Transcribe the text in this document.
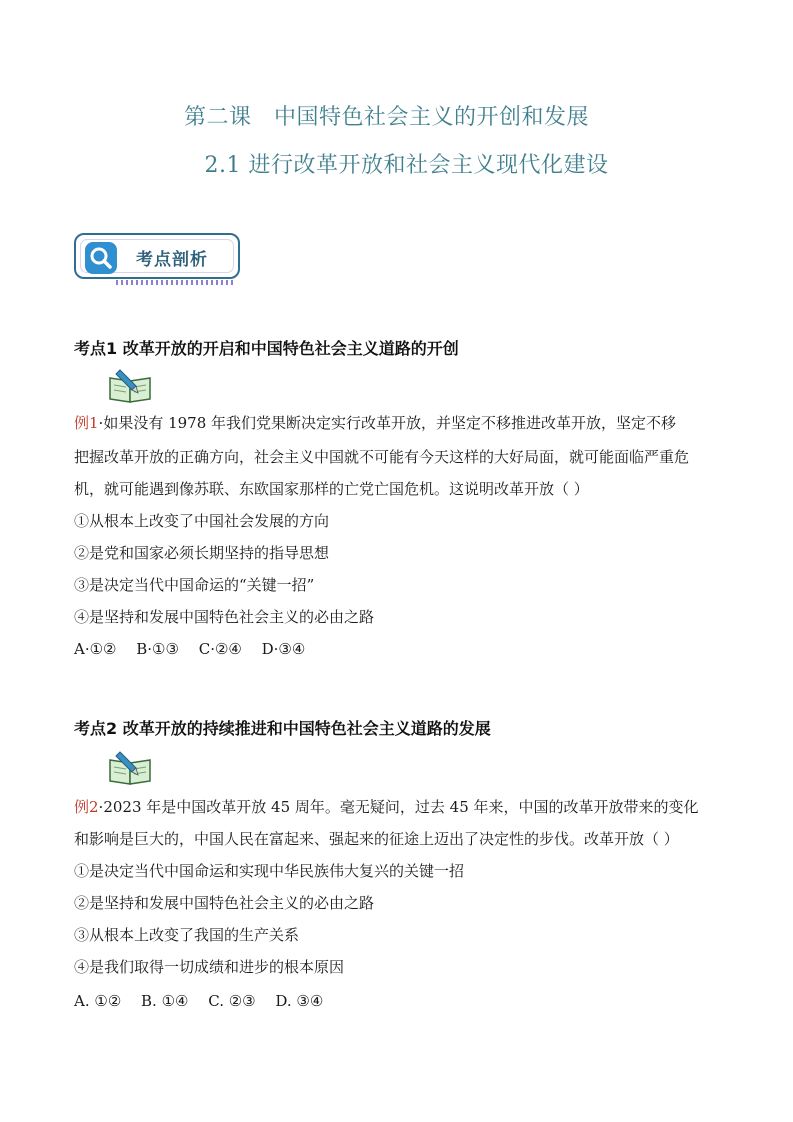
第二课　中国特色社会主义的开创和发展
2.1 进行改革开放和社会主义现代化建设
考点剖析
考点1 改革开放的开启和中国特色社会主义道路的开创
例1·如果没有 1978 年我们党果断决定实行改革开放，并坚定不移推进改革开放，坚定不移
把握改革开放的正确方向，社会主义中国就不可能有今天这样的大好局面，就可能面临严重危
机，就可能遇到像苏联、东欧国家那样的亡党亡国危机。这说明改革开放（ ）
①从根本上改变了中国社会发展的方向
②是党和国家必须长期坚持的指导思想
③是决定当代中国命运的“关键一招”
④是坚持和发展中国特色社会主义的必由之路
A·①②　 B·①③　 C·②④　 D·③④
考点2 改革开放的持续推进和中国特色社会主义道路的发展
例2·2023 年是中国改革开放 45 周年。毫无疑问，过去 45 年来，中国的改革开放带来的变化
和影响是巨大的，中国人民在富起来、强起来的征途上迈出了决定性的步伐。改革开放（ ）
①是决定当代中国命运和实现中华民族伟大复兴的关键一招
②是坚持和发展中国特色社会主义的必由之路
③从根本上改变了我国的生产关系
④是我们取得一切成绩和进步的根本原因
A. ①②　 B. ①④　 C. ②③　 D. ③④
